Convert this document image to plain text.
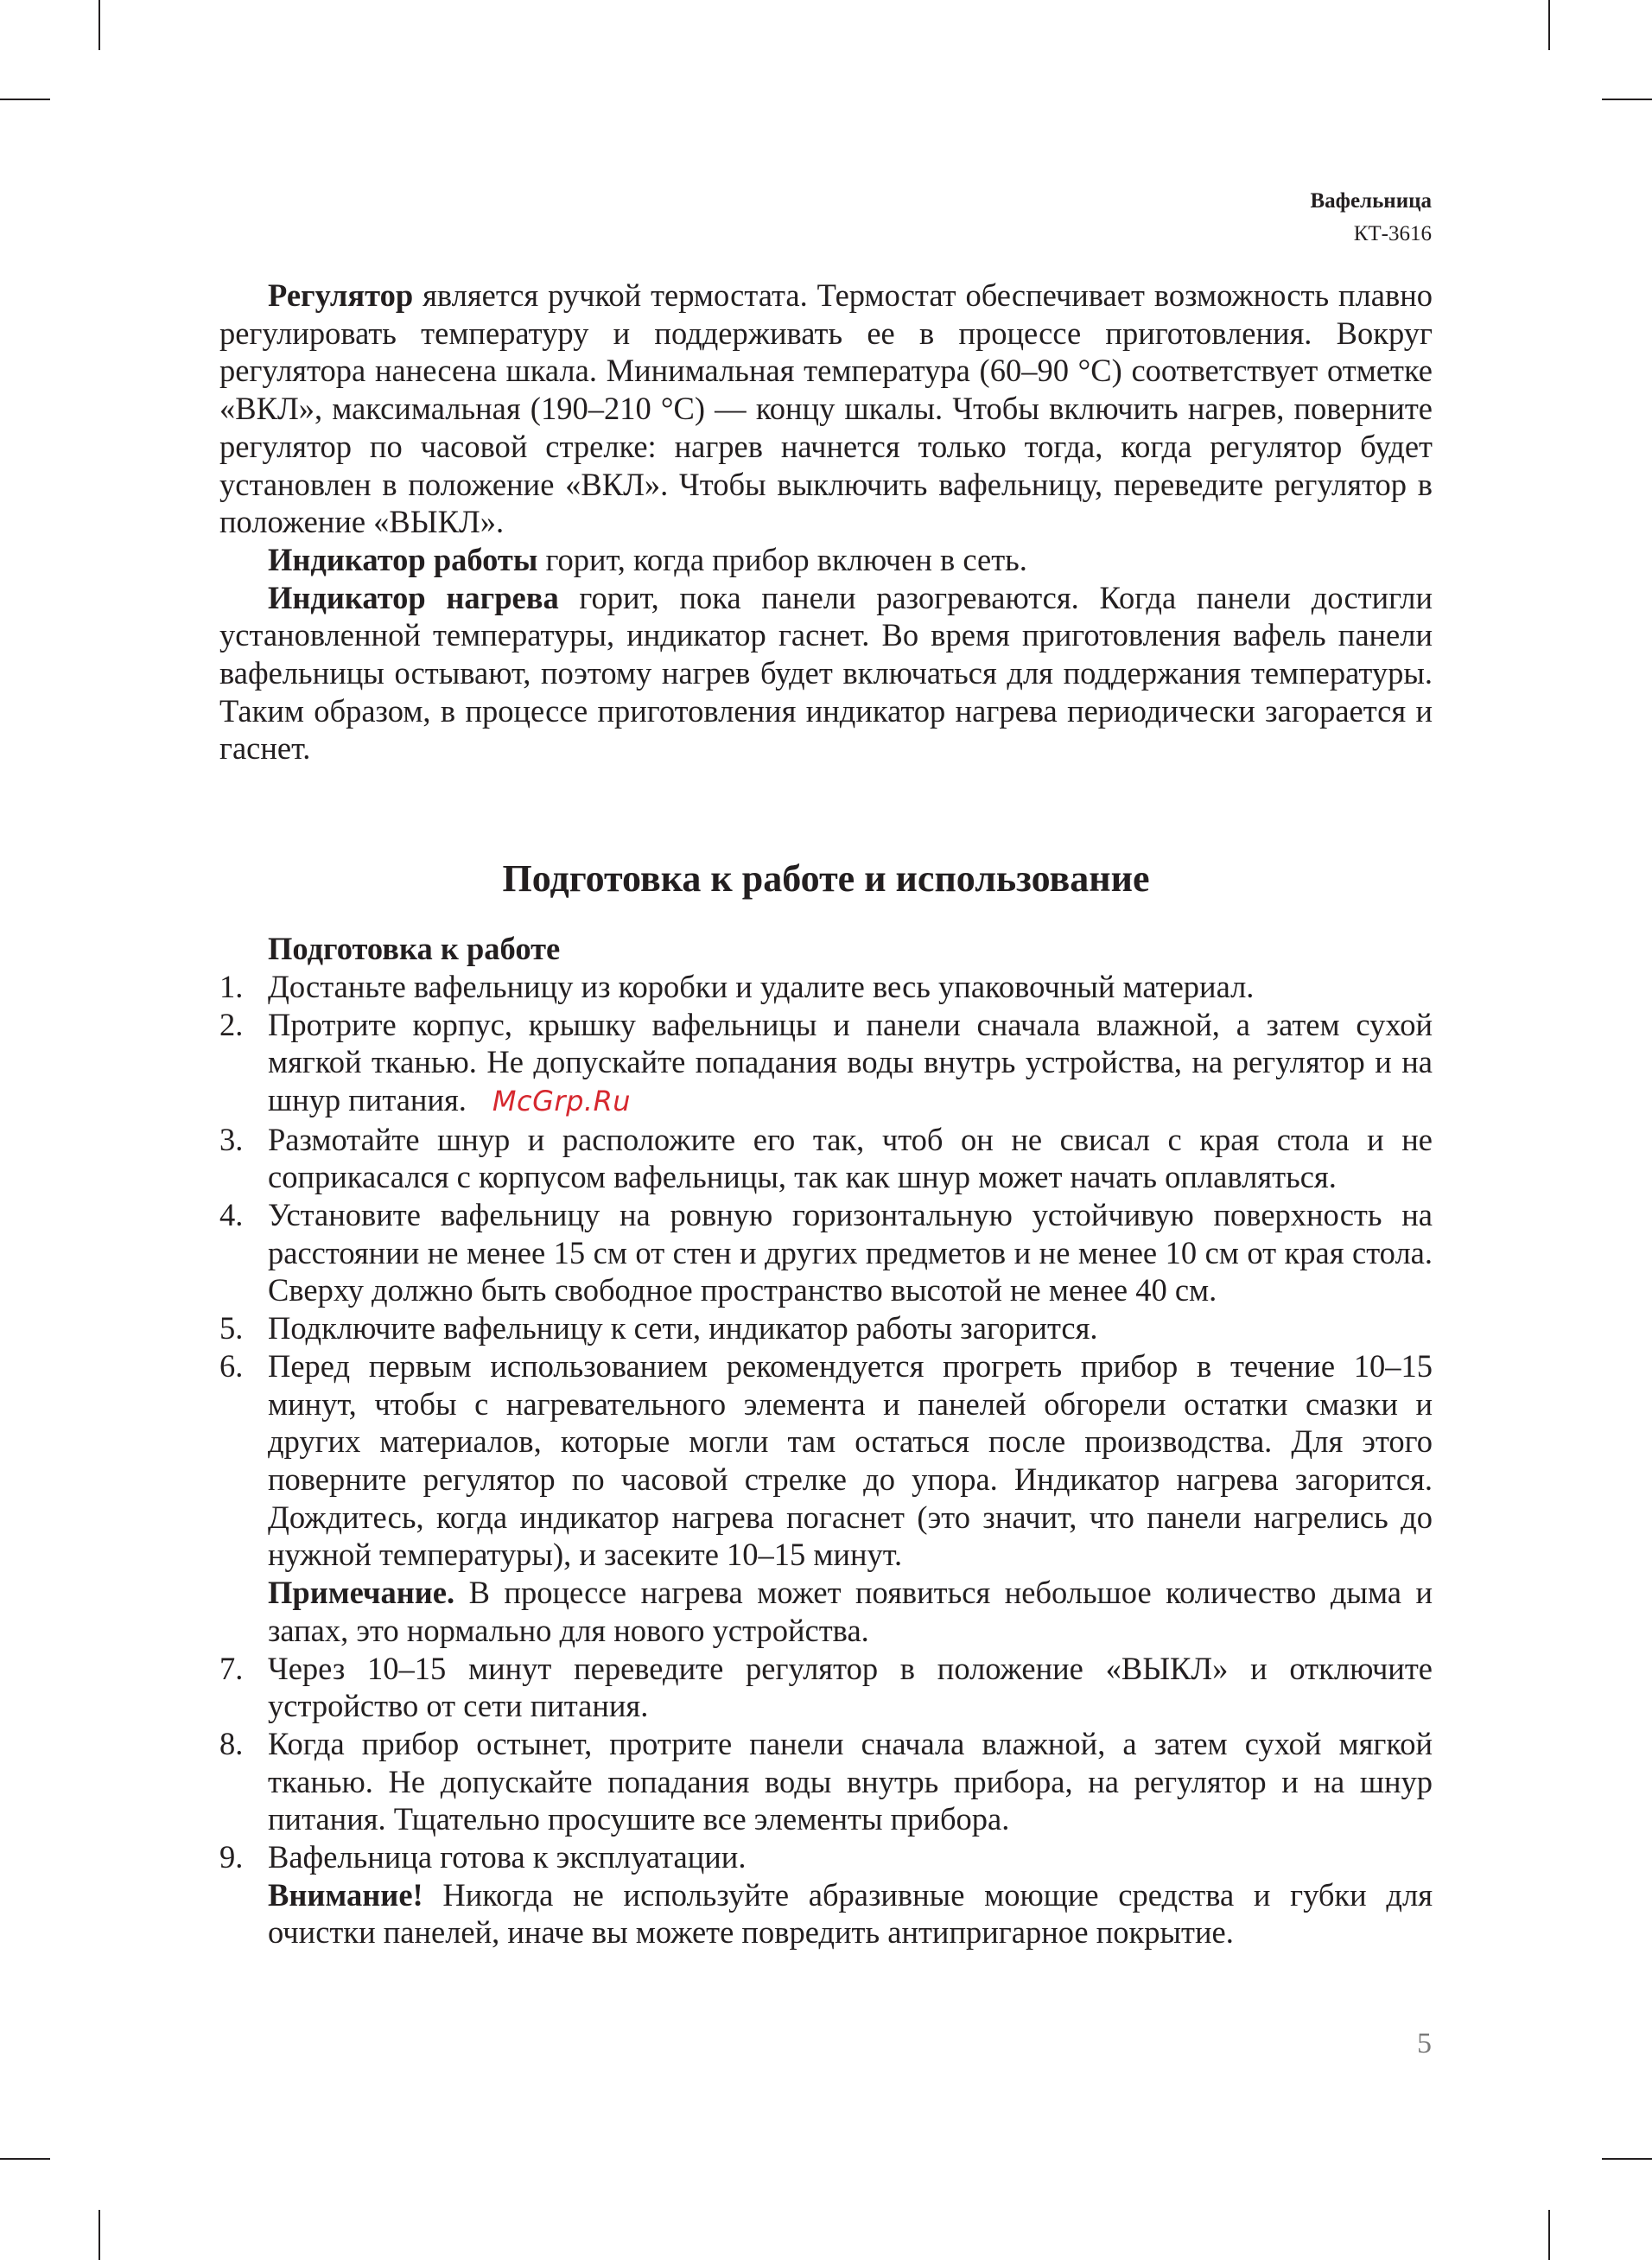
Вафельница
КТ-3616

Регулятор является ручкой термостата. Термостат обеспечивает возможность плавно регулировать температуру и поддерживать ее в процессе приготовления. Вокруг регулятора нанесена шкала. Минимальная температура (60–90 °С) соответствует отметке «ВКЛ», максимальная (190–210 °С) — концу шкалы. Чтобы включить нагрев, поверните регулятор по часовой стрелке: нагрев начнется только тогда, когда регулятор будет установлен в положение «ВКЛ». Чтобы выключить вафельницу, переведите регулятор в положение «ВЫКЛ».

Индикатор работы горит, когда прибор включен в сеть.

Индикатор нагрева горит, пока панели разогреваются. Когда панели достигли установленной температуры, индикатор гаснет. Во время приготовления вафель панели вафельницы остывают, поэтому нагрев будет включаться для поддержания температуры. Таким образом, в процессе приготовления индикатор нагрева периодически загорается и гаснет.

Подготовка к работе и использование
Подготовка к работе
1. Достаньте вафельницу из коробки и удалите весь упаковочный материал.
2. Протрите корпус, крышку вафельницы и панели сначала влажной, а затем сухой мягкой тканью. Не допускайте попадания воды внутрь устройства, на регулятор и на шнур питания. McGrp.Ru
3. Размотайте шнур и расположите его так, чтоб он не свисал с края стола и не соприкасался с корпусом вафельницы, так как шнур может начать оплавляться.
4. Установите вафельницу на ровную горизонтальную устойчивую поверхность на расстоянии не менее 15 см от стен и других предметов и не менее 10 см от края стола. Сверху должно быть свободное пространство высотой не менее 40 см.
5. Подключите вафельницу к сети, индикатор работы загорится.
6. Перед первым использованием рекомендуется прогреть прибор в течение 10–15 минут, чтобы с нагревательного элемента и панелей обгорели остатки смазки и других материалов, которые могли там остаться после производства. Для этого поверните регулятор по часовой стрелке до упора. Индикатор нагрева загорится. Дождитесь, когда индикатор нагрева погаснет (это значит, что панели нагрелись до нужной температуры), и засеките 10–15 минут.
Примечание. В процессе нагрева может появиться небольшое количество дыма и запах, это нормально для нового устройства.
7. Через 10–15 минут переведите регулятор в положение «ВЫКЛ» и отключите устройство от сети питания.
8. Когда прибор остынет, протрите панели сначала влажной, а затем сухой мягкой тканью. Не допускайте попадания воды внутрь прибора, на регулятор и на шнур питания. Тщательно просушите все элементы прибора.
9. Вафельница готова к эксплуатации.
Внимание! Никогда не используйте абразивные моющие средства и губки для очистки панелей, иначе вы можете повредить антипригарное покрытие.
5
